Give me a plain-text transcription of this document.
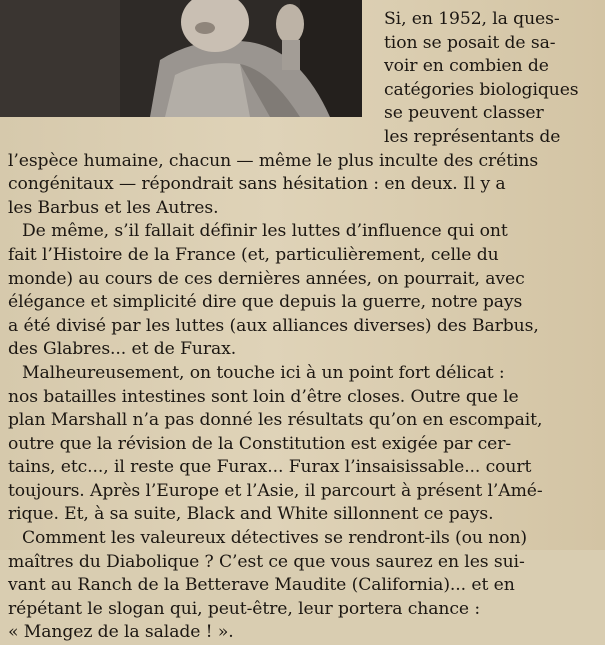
Si, en 1952, la ques-
tion se posait de sa-
voir en combien de
catégories biologiques
se peuvent classer
les représentants de
l’espèce humaine, chacun — même le plus inculte des crétins
congénitaux — répondrait sans hésitation : en deux. Il y a
les Barbus et les Autres.

De même, s’il fallait définir les luttes d’influence qui ont
fait l’Histoire de la France (et, particulièrement, celle du
monde) au cours de ces dernières années, on pourrait, avec
élégance et simplicité dire que depuis la guerre, notre pays
a été divisé par les luttes (aux alliances diverses) des Barbus,
des Glabres... et de Furax.

Malheureusement, on touche ici à un point fort délicat :
nos batailles intestines sont loin d’être closes. Outre que le
plan Marshall n’a pas donné les résultats qu’on en escompait,
outre que la révision de la Constitution est exigée par cer-
tains, etc..., il reste que Furax... Furax l’insaisissable... court
toujours. Après l’Europe et l’Asie, il parcourt à présent l’Amé-
rique. Et, à sa suite, Black and White sillonnent ce pays.

Comment les valeureux détectives se rendront-ils (ou non)
maîtres du Diabolique ? C’est ce que vous saurez en les sui-
vant au Ranch de la Betterave Maudite (California)... et en
répétant le slogan qui, peut-être, leur portera chance :
« Mangez de la salade ! ».
